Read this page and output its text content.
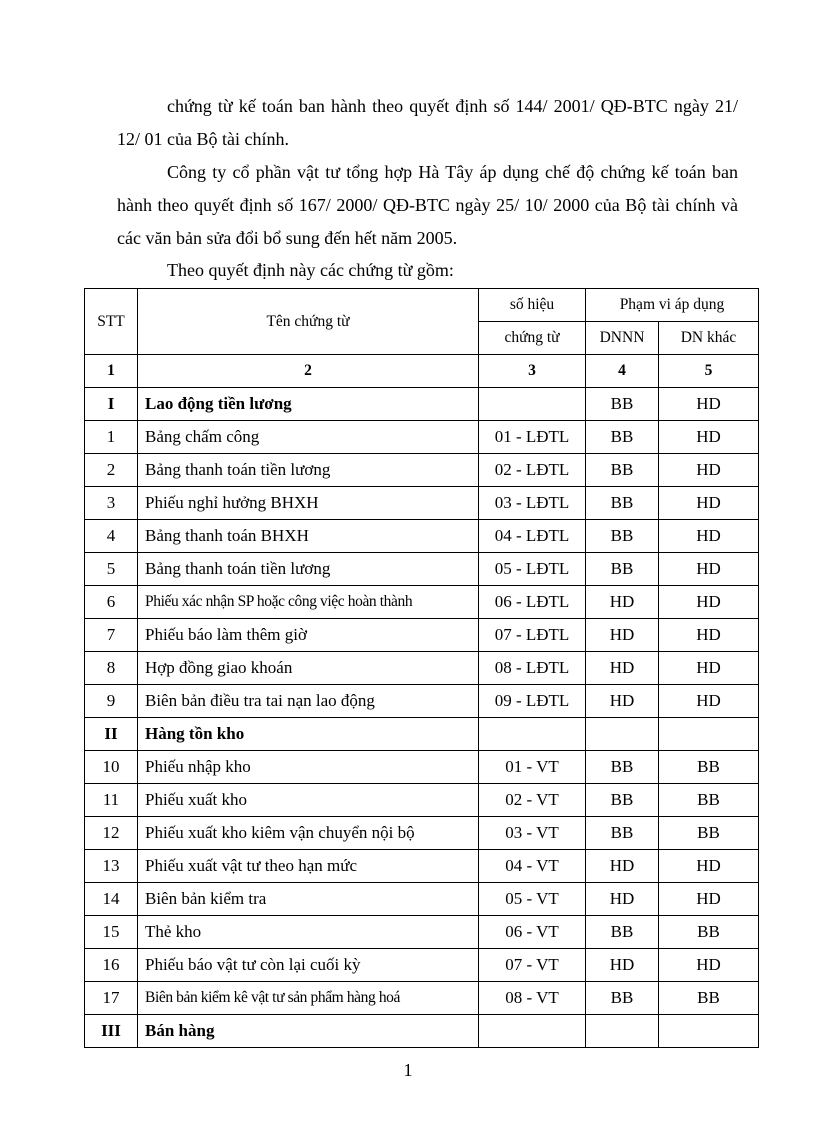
chứng từ kế toán ban hành theo quyết định số 144/ 2001/ QĐ-BTC ngày 21/ 12/ 01 của Bộ tài chính.

Công ty cổ phần vật tư tổng hợp Hà Tây áp dụng chế độ chứng kế toán ban hành theo quyết định số 167/ 2000/ QĐ-BTC ngày 25/ 10/ 2000 của Bộ tài chính và các văn bản sửa đổi bổ sung đến hết năm 2005.

Theo quyết định này các chứng từ gồm:

STT	Tên chứng từ	số hiệu	Phạm vi áp dụng	
		chứng từ	DNNN	DN khác
1	2	3	4	5
I	Lao động tiền lương		BB	HD
1	Bảng chấm công	01 - LĐTL	BB	HD
2	Bảng thanh toán tiền lương	02 - LĐTL	BB	HD
3	Phiếu nghỉ hưởng BHXH	03 - LĐTL	BB	HD
4	Bảng thanh toán BHXH	04 - LĐTL	BB	HD
5	Bảng thanh toán tiền lương	05 - LĐTL	BB	HD
6	Phiếu xác nhận SP hoặc công việc hoàn thành	06 - LĐTL	HD	HD
7	Phiếu báo làm thêm giờ	07 - LĐTL	HD	HD
8	Hợp đồng giao khoán	08 - LĐTL	HD	HD
9	Biên bản điều tra tai nạn lao động	09 - LĐTL	HD	HD
II	Hàng tồn kho			
10	Phiếu nhập kho	01 - VT	BB	BB
11	Phiếu xuất kho	02 - VT	BB	BB
12	Phiếu xuất kho kiêm vận chuyển nội bộ	03 - VT	BB	BB
13	Phiếu xuất vật tư theo hạn mức	04 - VT	HD	HD
14	Biên bản kiểm tra	05 - VT	HD	HD
15	Thẻ kho	06 - VT	BB	BB
16	Phiếu báo vật tư còn lại cuối kỳ	07 - VT	HD	HD
17	Biên bản kiểm kê vật tư sản phẩm hàng hoá	08 - VT	BB	BB
III	Bán hàng			
1
